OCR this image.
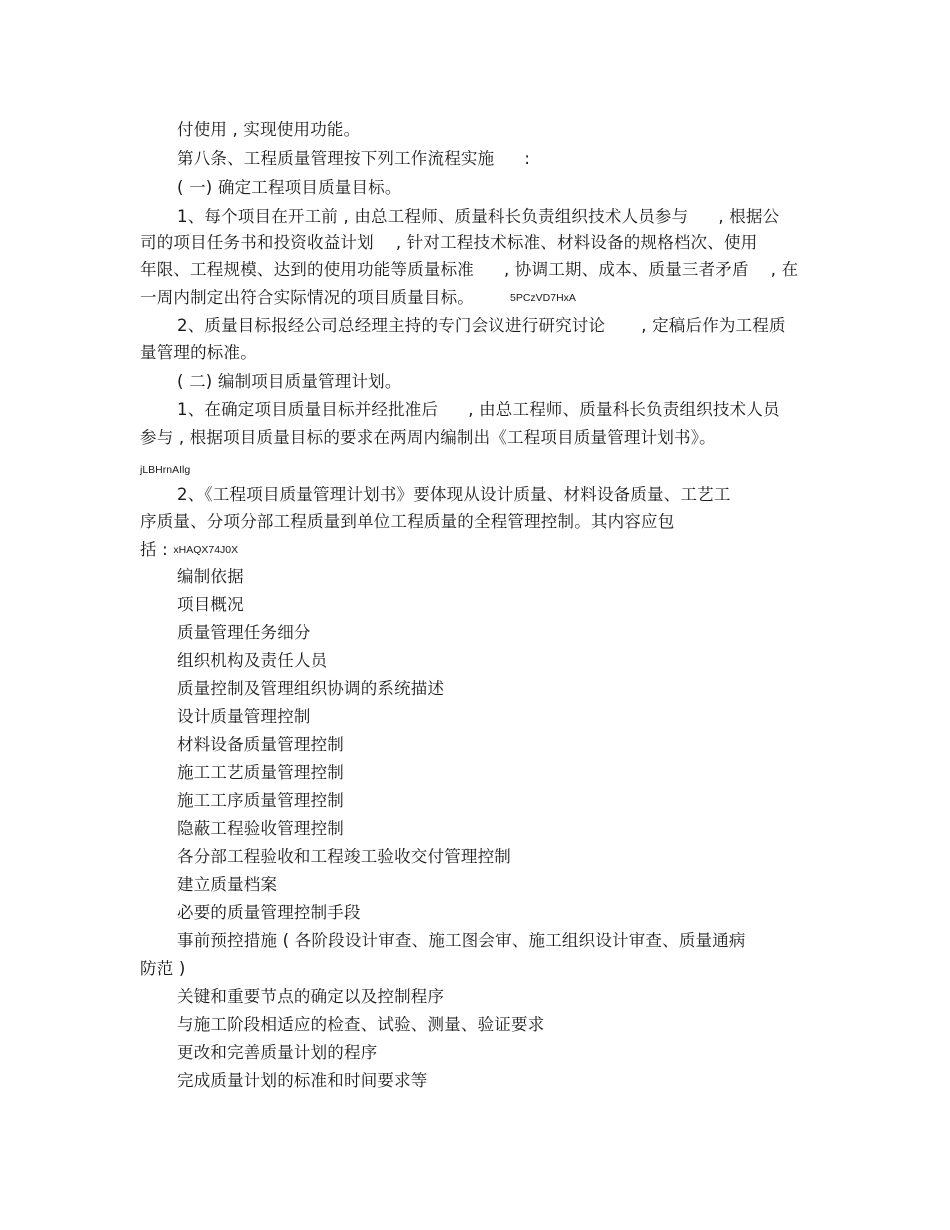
付使用 , 实现使用功能。
第八条、工程质量管理按下列工作流程实施 :
( 一) 确定工程项目质量目标。
1、每个项目在开工前 , 由总工程师、质量科长负责组织技术人员参与 , 根据公
司的项目任务书和投资收益计划 , 针对工程技术标准、材料设备的规格档次、使用
年限、工程规模、达到的使用功能等质量标准 , 协调工期、成本、质量三者矛盾 , 在
一周内制定出符合实际情况的项目质量目标。	5PCzVD7HxA
2、质量目标报经公司总经理主持的专门会议进行研究讨论 , 定稿后作为工程质
量管理的标准。
( 二) 编制项目质量管理计划。
1、在确定项目质量目标并经批准后 , 由总工程师、质量科长负责组织技术人员
参与 , 根据项目质量目标的要求在两周内编制出《工程项目质量管理计划书》。
jLBHrnAIlg
2、《工程项目质量管理计划书》要体现从设计质量、材料设备质量、工艺工
序质量、分项分部工程质量到单位工程质量的全程管理控制。其内容应包
括 : xHAQX74J0X
编制依据
项目概况
质量管理任务细分
组织机构及责任人员
质量控制及管理组织协调的系统描述
设计质量管理控制
材料设备质量管理控制
施工工艺质量管理控制
施工工序质量管理控制
隐蔽工程验收管理控制
各分部工程验收和工程竣工验收交付管理控制
建立质量档案
必要的质量管理控制手段
事前预控措施 ( 各阶段设计审查、施工图会审、施工组织设计审查、质量通病
防范 )
关键和重要节点的确定以及控制程序
与施工阶段相适应的检查、试验、测量、验证要求
更改和完善质量计划的程序
完成质量计划的标准和时间要求等
